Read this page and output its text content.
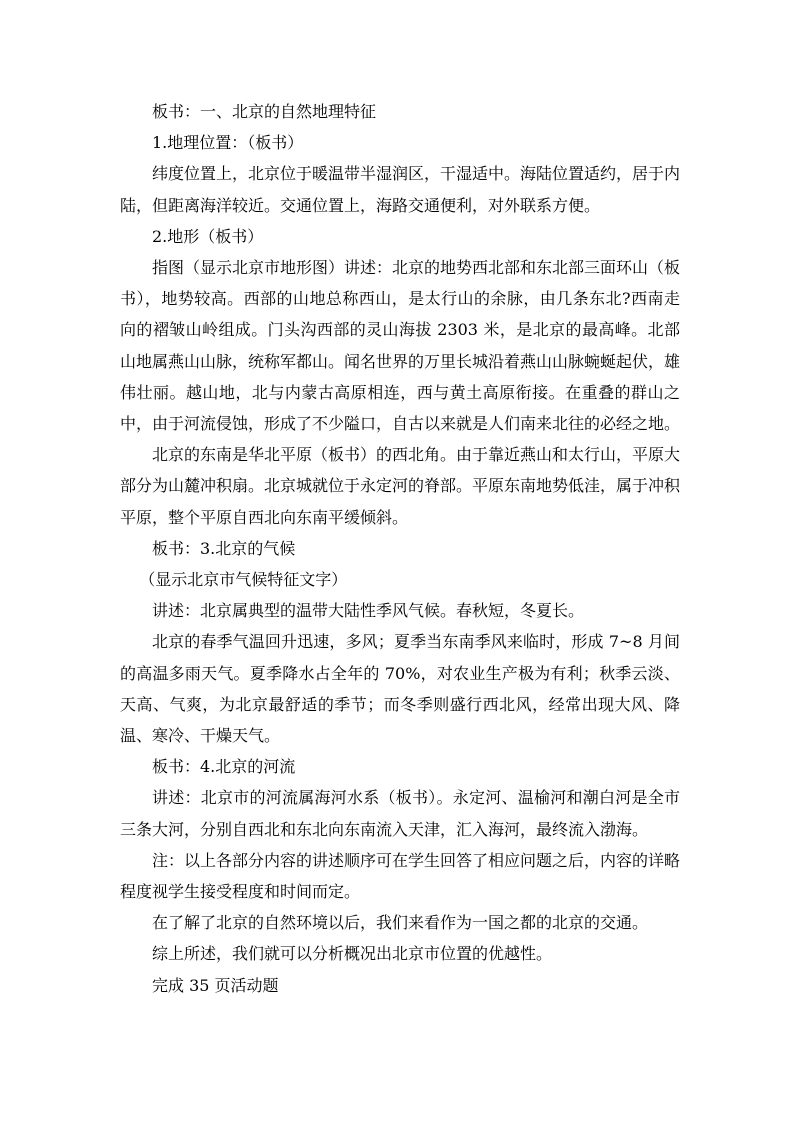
板书：一、北京的自然地理特征

1.地理位置：（板书）

纬度位置上，北京位于暖温带半湿润区，干湿适中。海陆位置适约，居于内陆，但距离海洋较近。交通位置上，海路交通便利，对外联系方便。

2.地形（板书）

指图（显示北京市地形图）讲述：北京的地势西北部和东北部三面环山（板书），地势较高。西部的山地总称西山，是太行山的余脉，由几条东北?西南走向的褶皱山岭组成。门头沟西部的灵山海拔 2303 米，是北京的最高峰。北部山地属燕山山脉，统称军都山。闻名世界的万里长城沿着燕山山脉蜿蜒起伏，雄伟壮丽。越山地，北与内蒙古高原相连，西与黄土高原衔接。在重叠的群山之中，由于河流侵蚀，形成了不少隘口，自古以来就是人们南来北往的必经之地。

北京的东南是华北平原（板书）的西北角。由于靠近燕山和太行山，平原大部分为山麓冲积扇。北京城就位于永定河的脊部。平原东南地势低洼，属于冲积平原，整个平原自西北向东南平缓倾斜。

板书：3.北京的气候

（显示北京市气候特征文字）

讲述：北京属典型的温带大陆性季风气候。春秋短，冬夏长。

北京的春季气温回升迅速，多风；夏季当东南季风来临时，形成 7~8 月间的高温多雨天气。夏季降水占全年的 70%，对农业生产极为有利；秋季云淡、天高、气爽，为北京最舒适的季节；而冬季则盛行西北风，经常出现大风、降温、寒冷、干燥天气。

板书：4.北京的河流

讲述：北京市的河流属海河水系（板书）。永定河、温榆河和潮白河是全市三条大河，分别自西北和东北向东南流入天津，汇入海河，最终流入渤海。

注：以上各部分内容的讲述顺序可在学生回答了相应问题之后，内容的详略程度视学生接受程度和时间而定。

在了解了北京的自然环境以后，我们来看作为一国之都的北京的交通。

综上所述，我们就可以分析概况出北京市位置的优越性。

完成 35 页活动题
